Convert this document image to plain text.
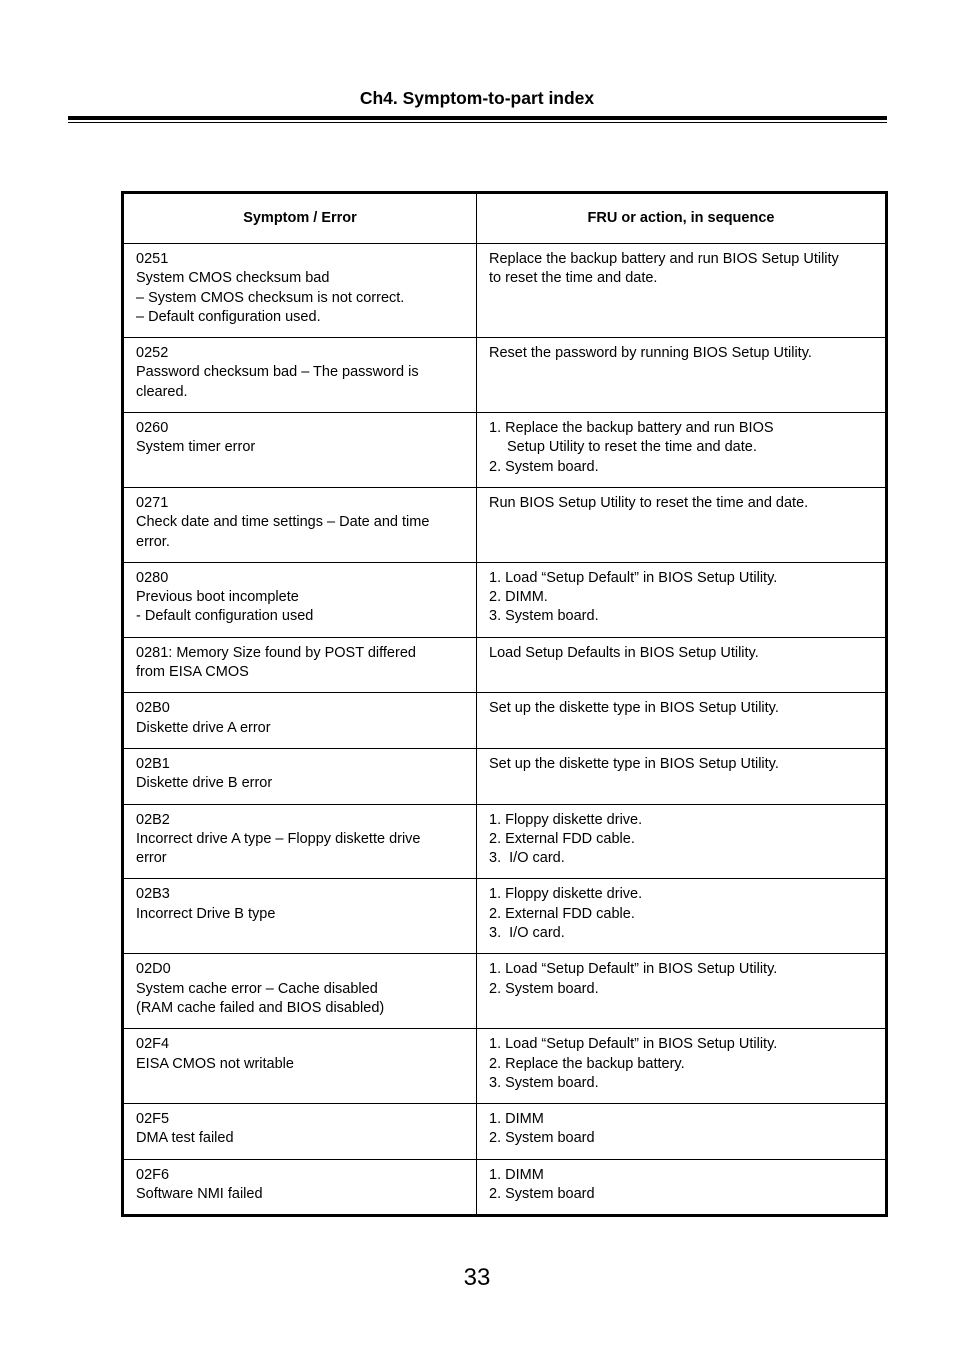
Ch4. Symptom-to-part index
Symptom / Error	FRU or action, in sequence

0251
System CMOS checksum bad
– System CMOS checksum is not correct.
– Default configuration used.	Replace the backup battery and run BIOS Setup Utility
to reset the time and date.

0252
Password checksum bad – The password is
cleared.	Reset the password by running BIOS Setup Utility.

0260
System timer error	1. Replace the backup battery and run BIOS
Setup Utility to reset the time and date.
2. System board.

0271
Check date and time settings – Date and time
error.	Run BIOS Setup Utility to reset the time and date.

0280
Previous boot incomplete
- Default configuration used	1. Load “Setup Default” in BIOS Setup Utility.
2. DIMM.
3. System board.

0281: Memory Size found by POST differed
from EISA CMOS	Load Setup Defaults in BIOS Setup Utility.

02B0
Diskette drive A error	Set up the diskette type in BIOS Setup Utility.

02B1
Diskette drive B error	Set up the diskette type in BIOS Setup Utility.

02B2
Incorrect drive A type – Floppy diskette drive
error	1. Floppy diskette drive.
2. External FDD cable.
3.  I/O card.

02B3
Incorrect Drive B type	1. Floppy diskette drive.
2. External FDD cable.
3.  I/O card.

02D0
System cache error – Cache disabled
(RAM cache failed and BIOS disabled)	1. Load “Setup Default” in BIOS Setup Utility.
2. System board.

02F4
EISA CMOS not writable	1. Load “Setup Default” in BIOS Setup Utility.
2. Replace the backup battery.
3. System board.

02F5
DMA test failed	1. DIMM
2. System board

02F6
Software NMI failed	1. DIMM
2. System board
33
